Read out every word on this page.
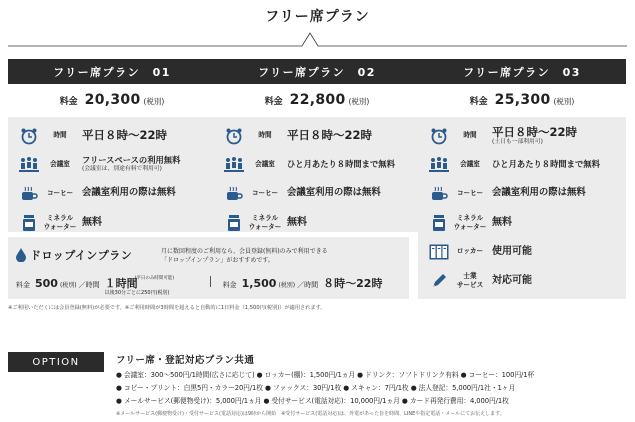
フリー席プラン
フリー席プラン　01
料金 20,300 (税別)
時間	平日８時〜22時
会議室	フリースペースの利用無料
(会議室は、別途有料で利用可)
コーヒー 会議室利用の際は無料
ミネラル
ウォーター 無料
フリー席プラン　02
料金 22,800 (税別)
時間	平日８時〜22時
会議室	ひと月あたり８時間まで無料
コーヒー 会議室利用の際は無料
ミネラル
ウォーター 無料
フリー席プラン　03
料金 25,300 (税別)
時間	平日８時〜22時
(土日も一部利用可)
会議室	ひと月あたり８時間まで無料
コーヒー 会議室利用の際は無料
ミネラル
ウォーター 無料
ロッカー 使用可能
士業
サービス 対応可能
ドロップインプラン	月に数回程度のご利用なら、会員登録(無料)のみで利用できる
「ドロップインプラン」がおすすめです。
料金 500 (税別) ／時間 １時間
(平日のみ時間可能)
以後30分ごとに250円(税別)
料金 1,500 (税別) ／時間 ８時〜22時
※ご利用いただくには会員登録(無料)が必要です。※ご利用時間が3時間を超えると自動的に1日料金（1,500円(税別)）が適用されます。
OPTION	フリー席・登記対応プラン共通
● 会議室：300〜500円/1時間(広さに応じて) ● ロッカー(棚)：1,500円/1ヵ月 ● ドリンク：ソフトドリンク有料 ● コーヒー：100円/1杯
● コピー・プリント：白黒5円・カラー20円/1枚 ● ファックス：30円/1枚 ● スキャン：7円/1枚 ● 法人登記：5,000円/1社・1ヶ月
● メールサービス(郵便物受け)：5,000円/1ヵ月 ● 受付サービス(電話対応)：10,000円/1ヵ月 ● カード再発行費用：4,000円/1枚
※メールサービス(郵便物受け)・受付サービス(電話対応)は9時から開始　※受付サービス(電話対応)は、外電があった旨を時間、LINEや指定電話・メールにてお伝えします。
